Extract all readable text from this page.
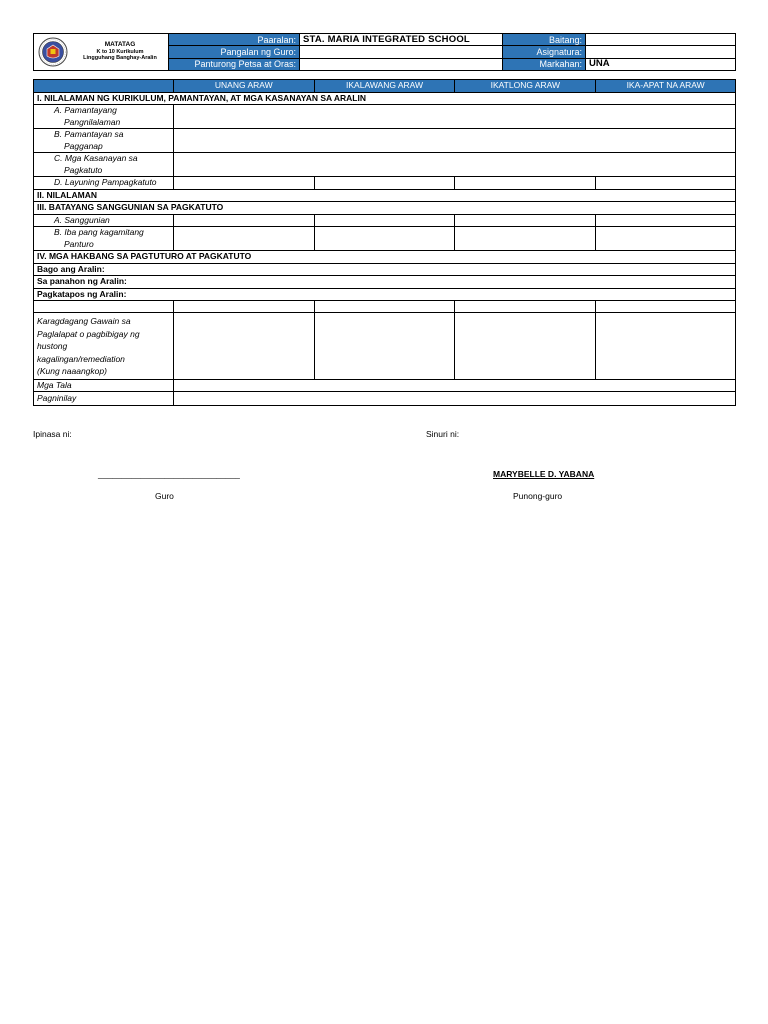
MATATAG
K to 10 Kurikulum
Lingguhang Banghay-Aralin	Paaralan:	STA. MARIA INTEGRATED SCHOOL	Baitang:	
	Pangalan ng Guro:		Asignatura:	
	Panturong Petsa at Oras:		Markahan:	UNA
	UNANG ARAW	IKALAWANG ARAW	IKATLONG ARAW	IKA-APAT NA ARAW
I. NILALAMAN NG KURIKULUM, PAMANTAYAN, AT MGA KASANAYAN SA ARALIN				

A. Pamantayang
Pangnilalaman				

B. Pamantayan sa
Pagganap				

C. Mga Kasanayan sa
Pagkatuto				

D. Layuning Pampagkatuto				
II. NILALAMAN				
III. BATAYANG SANGGUNIAN SA PAGKATUTO				
A. Sanggunian				

B. Iba pang kagamitang
Panturo				

IV. MGA HAKBANG SA PAGTUTURO AT PAGKATUTO				
Bago ang Aralin:				
Sa panahon ng Aralin:				
Pagkatapos ng Aralin:				

Karagdagang Gawain sa
Paglalapat o pagbibigay ng
hustong
kagalingan/remediation
(Kung naaangkop)				

Mga Tala				
Pagninilay				
Ipinasa ni:	Sinuri ni:
______________________________	MARYBELLE D. YABANA
Guro	Punong-guro
